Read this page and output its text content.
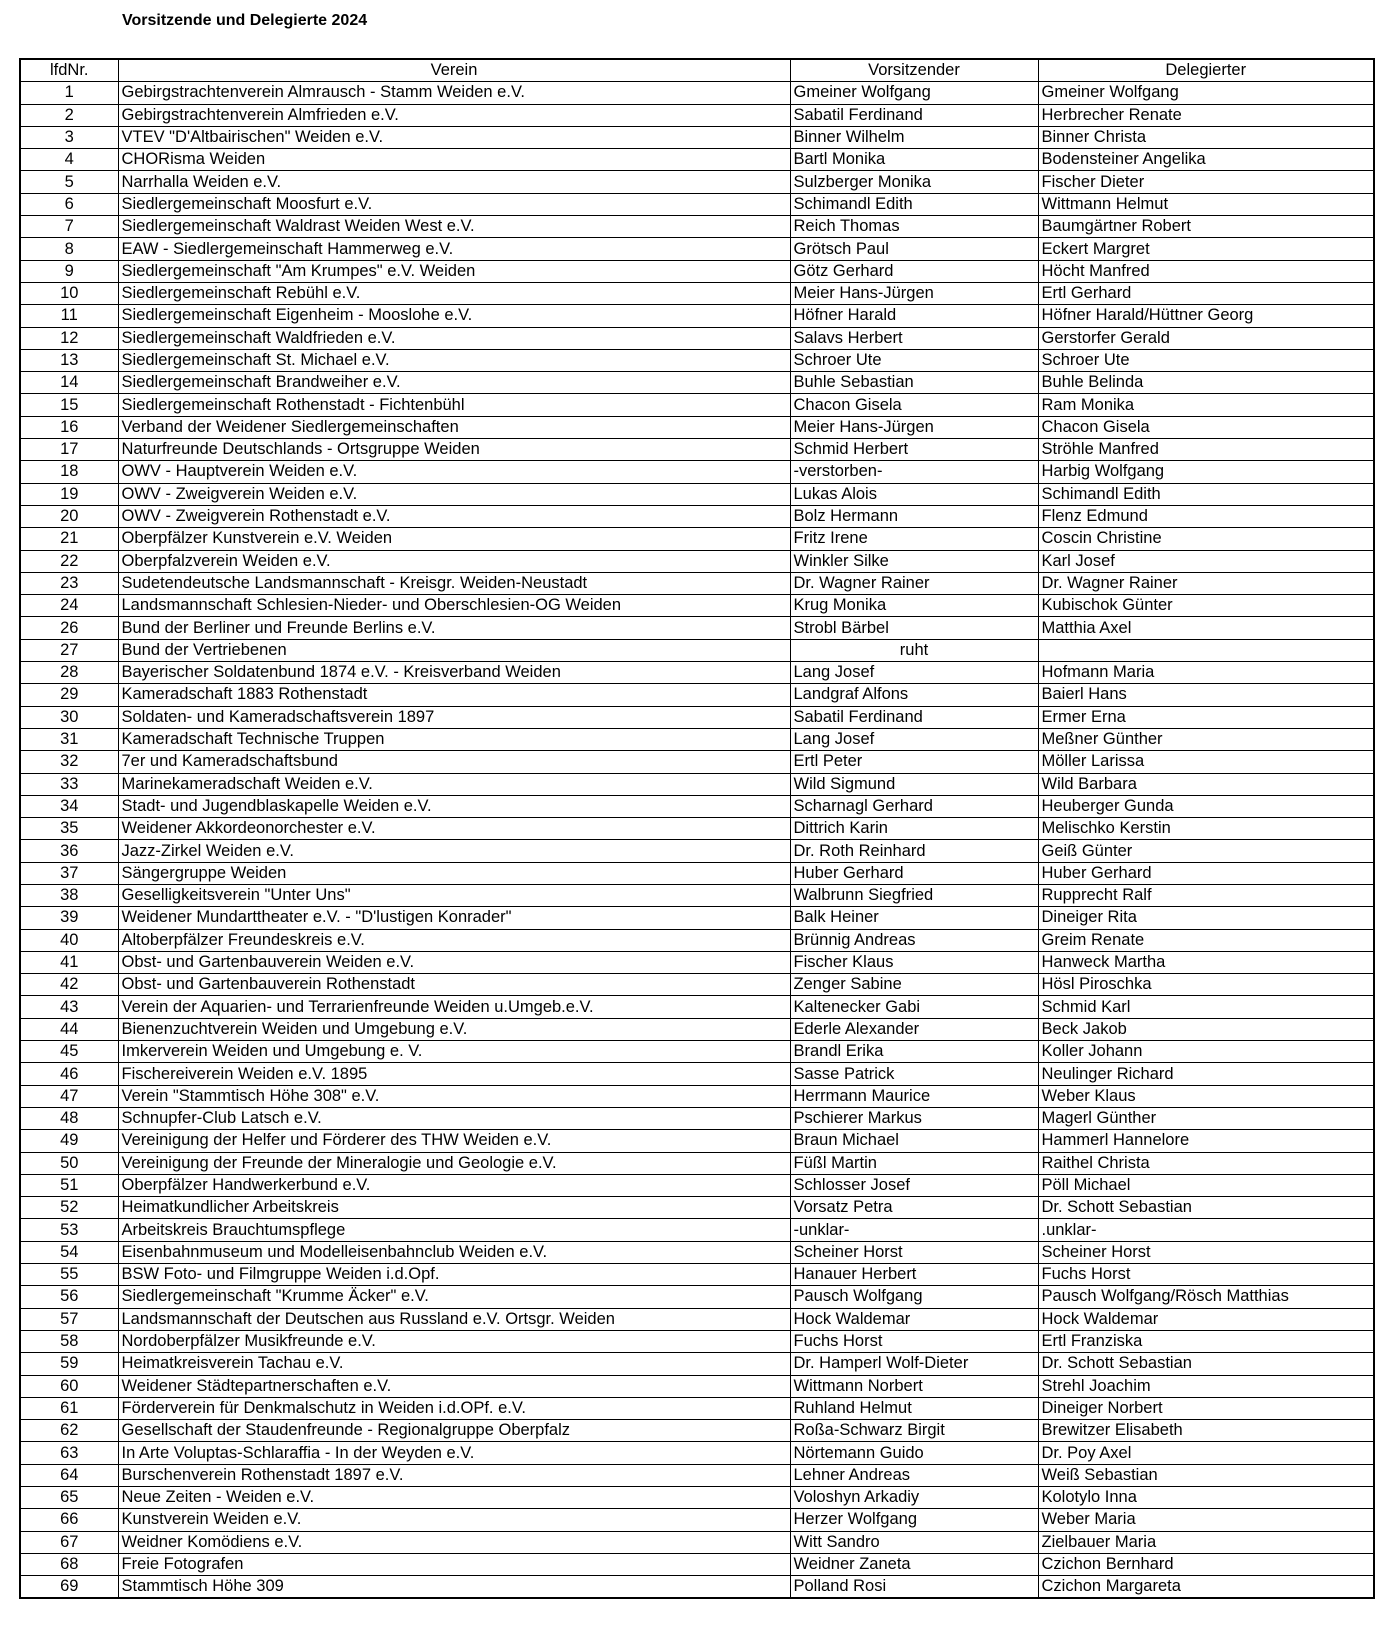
Vorsitzende und Delegierte 2024
lfdNr.	Verein	Vorsitzender	Delegierter
1	Gebirgstrachtenverein Almrausch - Stamm Weiden e.V.	Gmeiner Wolfgang	Gmeiner Wolfgang
2	Gebirgstrachtenverein Almfrieden e.V.	Sabatil Ferdinand	Herbrecher Renate
3	VTEV "D'Altbairischen" Weiden e.V.	Binner Wilhelm	Binner Christa
4	CHORisma Weiden	Bartl Monika	Bodensteiner Angelika
5	Narrhalla Weiden e.V.	Sulzberger Monika	Fischer Dieter
6	Siedlergemeinschaft Moosfurt e.V.	Schimandl Edith	Wittmann Helmut
7	Siedlergemeinschaft Waldrast Weiden West e.V.	Reich Thomas	Baumgärtner Robert
8	EAW - Siedlergemeinschaft Hammerweg e.V.	Grötsch Paul	Eckert Margret
9	Siedlergemeinschaft "Am Krumpes" e.V. Weiden	Götz Gerhard	Höcht Manfred
10	Siedlergemeinschaft Rebühl e.V.	Meier Hans-Jürgen	Ertl Gerhard
11	Siedlergemeinschaft Eigenheim - Mooslohe e.V.	Höfner Harald	Höfner Harald/Hüttner Georg
12	Siedlergemeinschaft Waldfrieden e.V.	Salavs Herbert	Gerstorfer Gerald
13	Siedlergemeinschaft St. Michael e.V.	Schroer Ute	Schroer Ute
14	Siedlergemeinschaft Brandweiher e.V.	Buhle Sebastian	Buhle Belinda
15	Siedlergemeinschaft Rothenstadt - Fichtenbühl	Chacon Gisela	Ram Monika
16	Verband der Weidener Siedlergemeinschaften	Meier Hans-Jürgen	Chacon Gisela
17	Naturfreunde Deutschlands - Ortsgruppe Weiden	Schmid Herbert	Ströhle Manfred
18	OWV - Hauptverein Weiden e.V.	-verstorben-	Harbig Wolfgang
19	OWV - Zweigverein Weiden e.V.	Lukas Alois	Schimandl Edith
20	OWV - Zweigverein Rothenstadt e.V.	Bolz Hermann	Flenz Edmund
21	Oberpfälzer Kunstverein e.V. Weiden	Fritz Irene	Coscin Christine
22	Oberpfalzverein Weiden e.V.	Winkler Silke	Karl Josef
23	Sudetendeutsche Landsmannschaft - Kreisgr. Weiden-Neustadt	Dr. Wagner Rainer	Dr. Wagner Rainer
24	Landsmannschaft Schlesien-Nieder- und Oberschlesien-OG Weiden	Krug Monika	Kubischok Günter
26	Bund der Berliner und Freunde Berlins e.V.	Strobl Bärbel	Matthia Axel
27	Bund der Vertriebenen	ruht	
28	Bayerischer Soldatenbund 1874 e.V. - Kreisverband Weiden	Lang Josef	Hofmann Maria
29	Kameradschaft 1883 Rothenstadt	Landgraf Alfons	Baierl Hans
30	Soldaten- und Kameradschaftsverein 1897	Sabatil Ferdinand	Ermer Erna
31	Kameradschaft Technische Truppen	Lang Josef	Meßner Günther
32	7er und Kameradschaftsbund	Ertl Peter	Möller Larissa
33	Marinekameradschaft Weiden e.V.	Wild Sigmund	Wild Barbara
34	Stadt- und Jugendblaskapelle Weiden e.V.	Scharnagl Gerhard	Heuberger Gunda
35	Weidener Akkordeonorchester e.V.	Dittrich Karin	Melischko Kerstin
36	Jazz-Zirkel Weiden e.V.	Dr. Roth Reinhard	Geiß Günter
37	Sängergruppe Weiden	Huber Gerhard	Huber Gerhard
38	Geselligkeitsverein "Unter Uns"	Walbrunn Siegfried	Rupprecht Ralf
39	Weidener Mundarttheater e.V. - "D'lustigen Konrader"	Balk Heiner	Dineiger Rita
40	Altoberpfälzer Freundeskreis e.V.	Brünnig Andreas	Greim Renate
41	Obst- und Gartenbauverein Weiden e.V.	Fischer Klaus	Hanweck Martha
42	Obst- und Gartenbauverein Rothenstadt	Zenger Sabine	Hösl Piroschka
43	Verein der Aquarien- und Terrarienfreunde Weiden u.Umgeb.e.V.	Kaltenecker Gabi	Schmid Karl
44	Bienenzuchtverein Weiden und Umgebung e.V.	Ederle Alexander	Beck Jakob
45	Imkerverein Weiden und Umgebung e. V.	Brandl Erika	Koller Johann
46	Fischereiverein Weiden e.V. 1895	Sasse Patrick	Neulinger Richard
47	Verein "Stammtisch Höhe 308" e.V.	Herrmann Maurice	Weber Klaus
48	Schnupfer-Club Latsch e.V.	Pschierer Markus	Magerl Günther
49	Vereinigung der Helfer und Förderer des THW Weiden e.V.	Braun Michael	Hammerl Hannelore
50	Vereinigung der Freunde der Mineralogie und Geologie e.V.	Füßl Martin	Raithel Christa
51	Oberpfälzer Handwerkerbund e.V.	Schlosser Josef	Pöll Michael
52	Heimatkundlicher Arbeitskreis	Vorsatz Petra	Dr. Schott Sebastian
53	Arbeitskreis Brauchtumspflege	-unklar-	.unklar-
54	Eisenbahnmuseum und Modelleisenbahnclub Weiden e.V.	Scheiner Horst	Scheiner Horst
55	BSW Foto- und Filmgruppe Weiden i.d.Opf.	Hanauer Herbert	Fuchs Horst
56	Siedlergemeinschaft "Krumme Äcker" e.V.	Pausch Wolfgang	Pausch Wolfgang/Rösch Matthias
57	Landsmannschaft der Deutschen aus Russland e.V. Ortsgr. Weiden	Hock Waldemar	Hock Waldemar
58	Nordoberpfälzer Musikfreunde e.V.	Fuchs Horst	Ertl Franziska
59	Heimatkreisverein Tachau e.V.	Dr. Hamperl Wolf-Dieter	Dr. Schott Sebastian
60	Weidener Städtepartnerschaften e.V.	Wittmann Norbert	Strehl Joachim
61	Förderverein für Denkmalschutz in Weiden i.d.OPf. e.V.	Ruhland Helmut	Dineiger Norbert
62	Gesellschaft der Staudenfreunde - Regionalgruppe Oberpfalz	Roßa-Schwarz Birgit	Brewitzer Elisabeth
63	In Arte Voluptas-Schlaraffia - In der Weyden e.V.	Nörtemann Guido	Dr. Poy Axel
64	Burschenverein Rothenstadt 1897 e.V.	Lehner Andreas	Weiß Sebastian
65	Neue Zeiten - Weiden e.V.	Voloshyn Arkadiy	Kolotylo Inna
66	Kunstverein Weiden e.V.	Herzer Wolfgang	Weber Maria
67	Weidner Komödiens e.V.	Witt Sandro	Zielbauer Maria
68	Freie Fotografen	Weidner Zaneta	Czichon Bernhard
69	Stammtisch Höhe 309	Polland Rosi	Czichon Margareta
